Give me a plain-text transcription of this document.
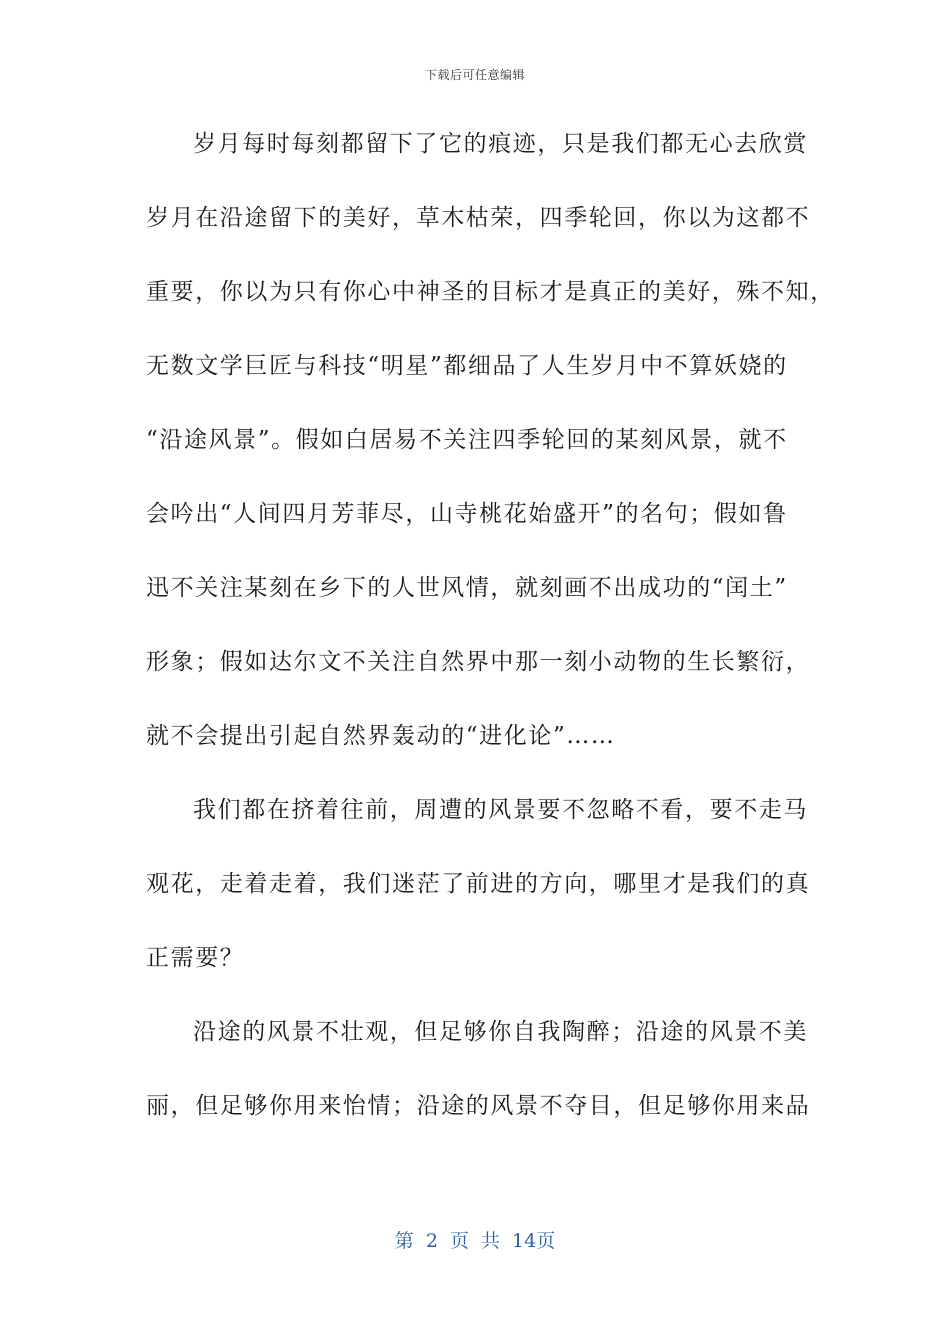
下载后可任意编辑
岁月每时每刻都留下了它的痕迹，只是我们都无心去欣赏
岁月在沿途留下的美好，草木枯荣，四季轮回，你以为这都不
重要，你以为只有你心中神圣的目标才是真正的美好，殊不知，
无数文学巨匠与科技“明星”都细品了人生岁月中不算妖娆的
“沿途风景”。假如白居易不关注四季轮回的某刻风景，就不
会吟出“人间四月芳菲尽，山寺桃花始盛开”的名句；假如鲁
迅不关注某刻在乡下的人世风情，就刻画不出成功的“闰土”
形象；假如达尔文不关注自然界中那一刻小动物的生长繁衍，
就不会提出引起自然界轰动的“进化论”……
我们都在挤着往前，周遭的风景要不忽略不看，要不走马
观花，走着走着，我们迷茫了前进的方向，哪里才是我们的真
正需要？
沿途的风景不壮观，但足够你自我陶醉；沿途的风景不美
丽，但足够你用来怡情；沿途的风景不夺目，但足够你用来品
第 2 页 共 14页
